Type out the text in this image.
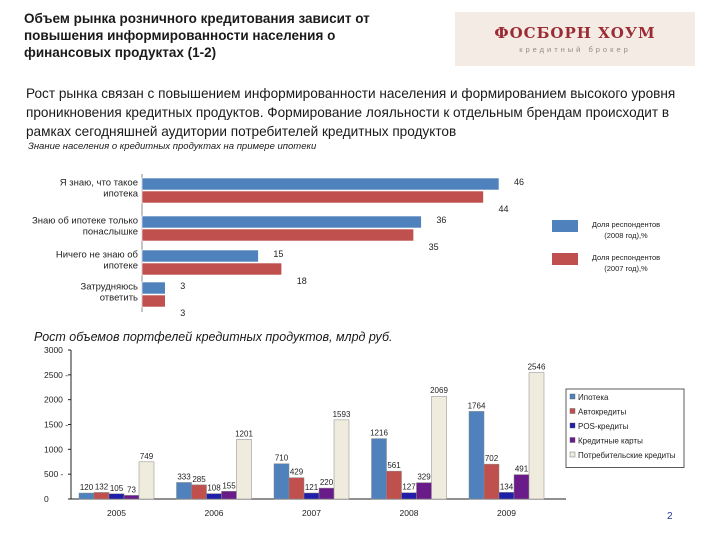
Объем рынка розничного кредитования зависит от повышения информированности населения о финансовых продуктах (1-2)
ФОСБОРН ХОУМ
кредитный брокер
Рост рынка связан с повышением информированности населения и формированием высокого уровня проникновения кредитных продуктов. Формирование лояльности к отдельным брендам происходит в рамках сегодняшней аудитории потребителей кредитных продуктов
Знание населения о кредитных продуктах на примере ипотеки
Рост объемов портфелей кредитных продуктов, млрд руб.
Я знаю, что такое
ипотека
46
44
Знаю об ипотеке только
понаслышке
36
35
Ничего не знаю об
ипотеке
15
18
Затрудняюсь
ответить
3
3
Доля респондентов
(2008 год),%
Доля респондентов
(2007 год),%
0
500 -
1000
1500 -
2000
2500 -
3000
2005
120 132 105 73
749
2006
333 285
108 155
1201
2007
710
429
121
220
1593
2008
1216
561
127
329
2069
2009
1764
702
134
491
2546
Ипотека
Автокредиты
POS-кредиты
Кредитные карты
Потребительские кредиты
2
